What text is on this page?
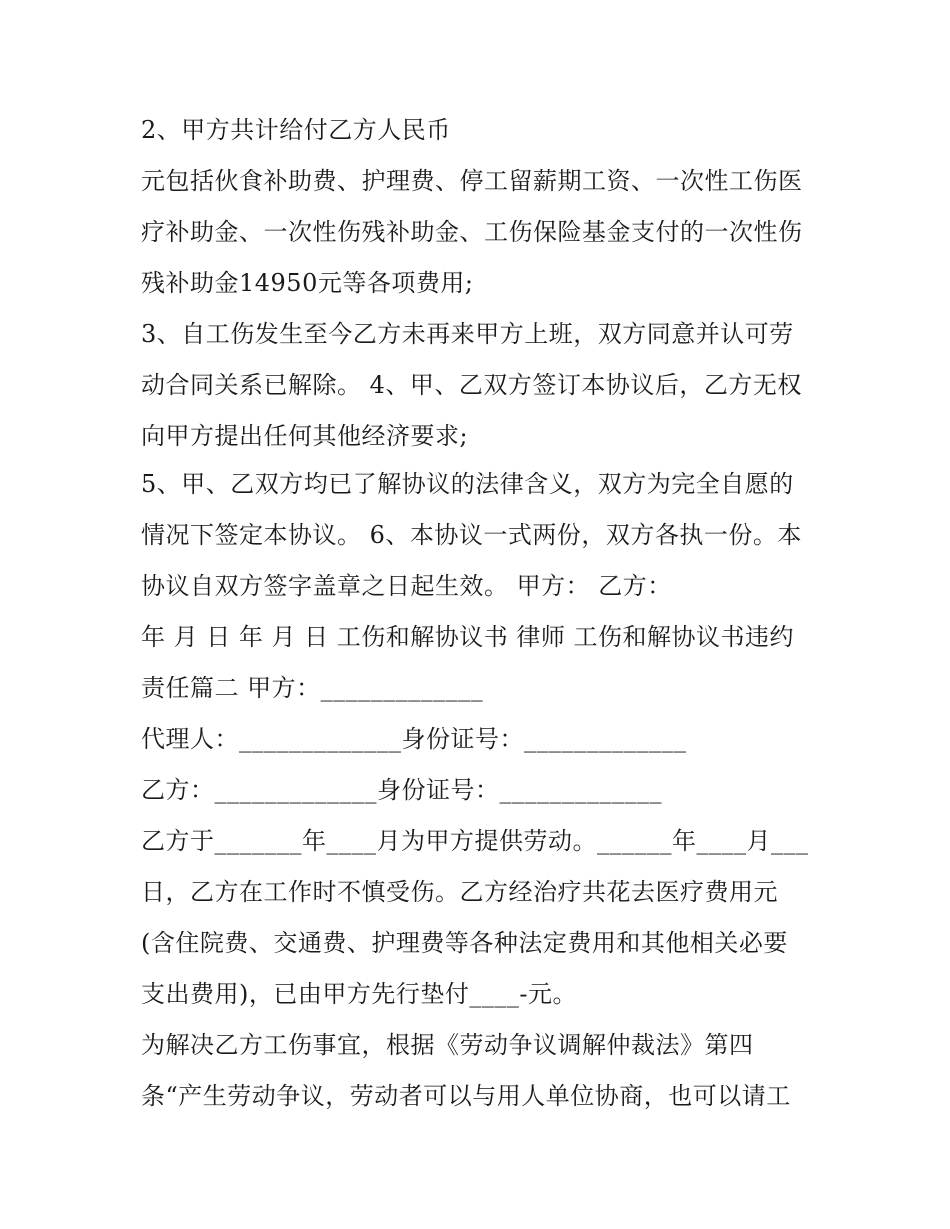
2、甲方共计给付乙方人民币
元包括伙食补助费、护理费、停工留薪期工资、一次性工伤医
疗补助金、一次性伤残补助金、工伤保险基金支付的一次性伤
残补助金14950元等各项费用;
3、自工伤发生至今乙方未再来甲方上班，双方同意并认可劳
动合同关系已解除。 4、甲、乙双方签订本协议后，乙方无权
向甲方提出任何其他经济要求;
5、甲、乙双方均已了解协议的法律含义，双方为完全自愿的
情况下签定本协议。 6、本协议一式两份，双方各执一份。本
协议自双方签字盖章之日起生效。 甲方： 乙方：
年 月 日 年 月 日 工伤和解协议书 律师 工伤和解协议书违约
责任篇二 甲方：_____________
代理人：_____________身份证号：_____________
乙方：_____________身份证号：_____________
乙方于_______年____月为甲方提供劳动。______年____月___
日，乙方在工作时不慎受伤。乙方经治疗共花去医疗费用元
(含住院费、交通费、护理费等各种法定费用和其他相关必要
支出费用)，已由甲方先行垫付____-元。
为解决乙方工伤事宜，根据《劳动争议调解仲裁法》第四
条“产生劳动争议，劳动者可以与用人单位协商，也可以请工
